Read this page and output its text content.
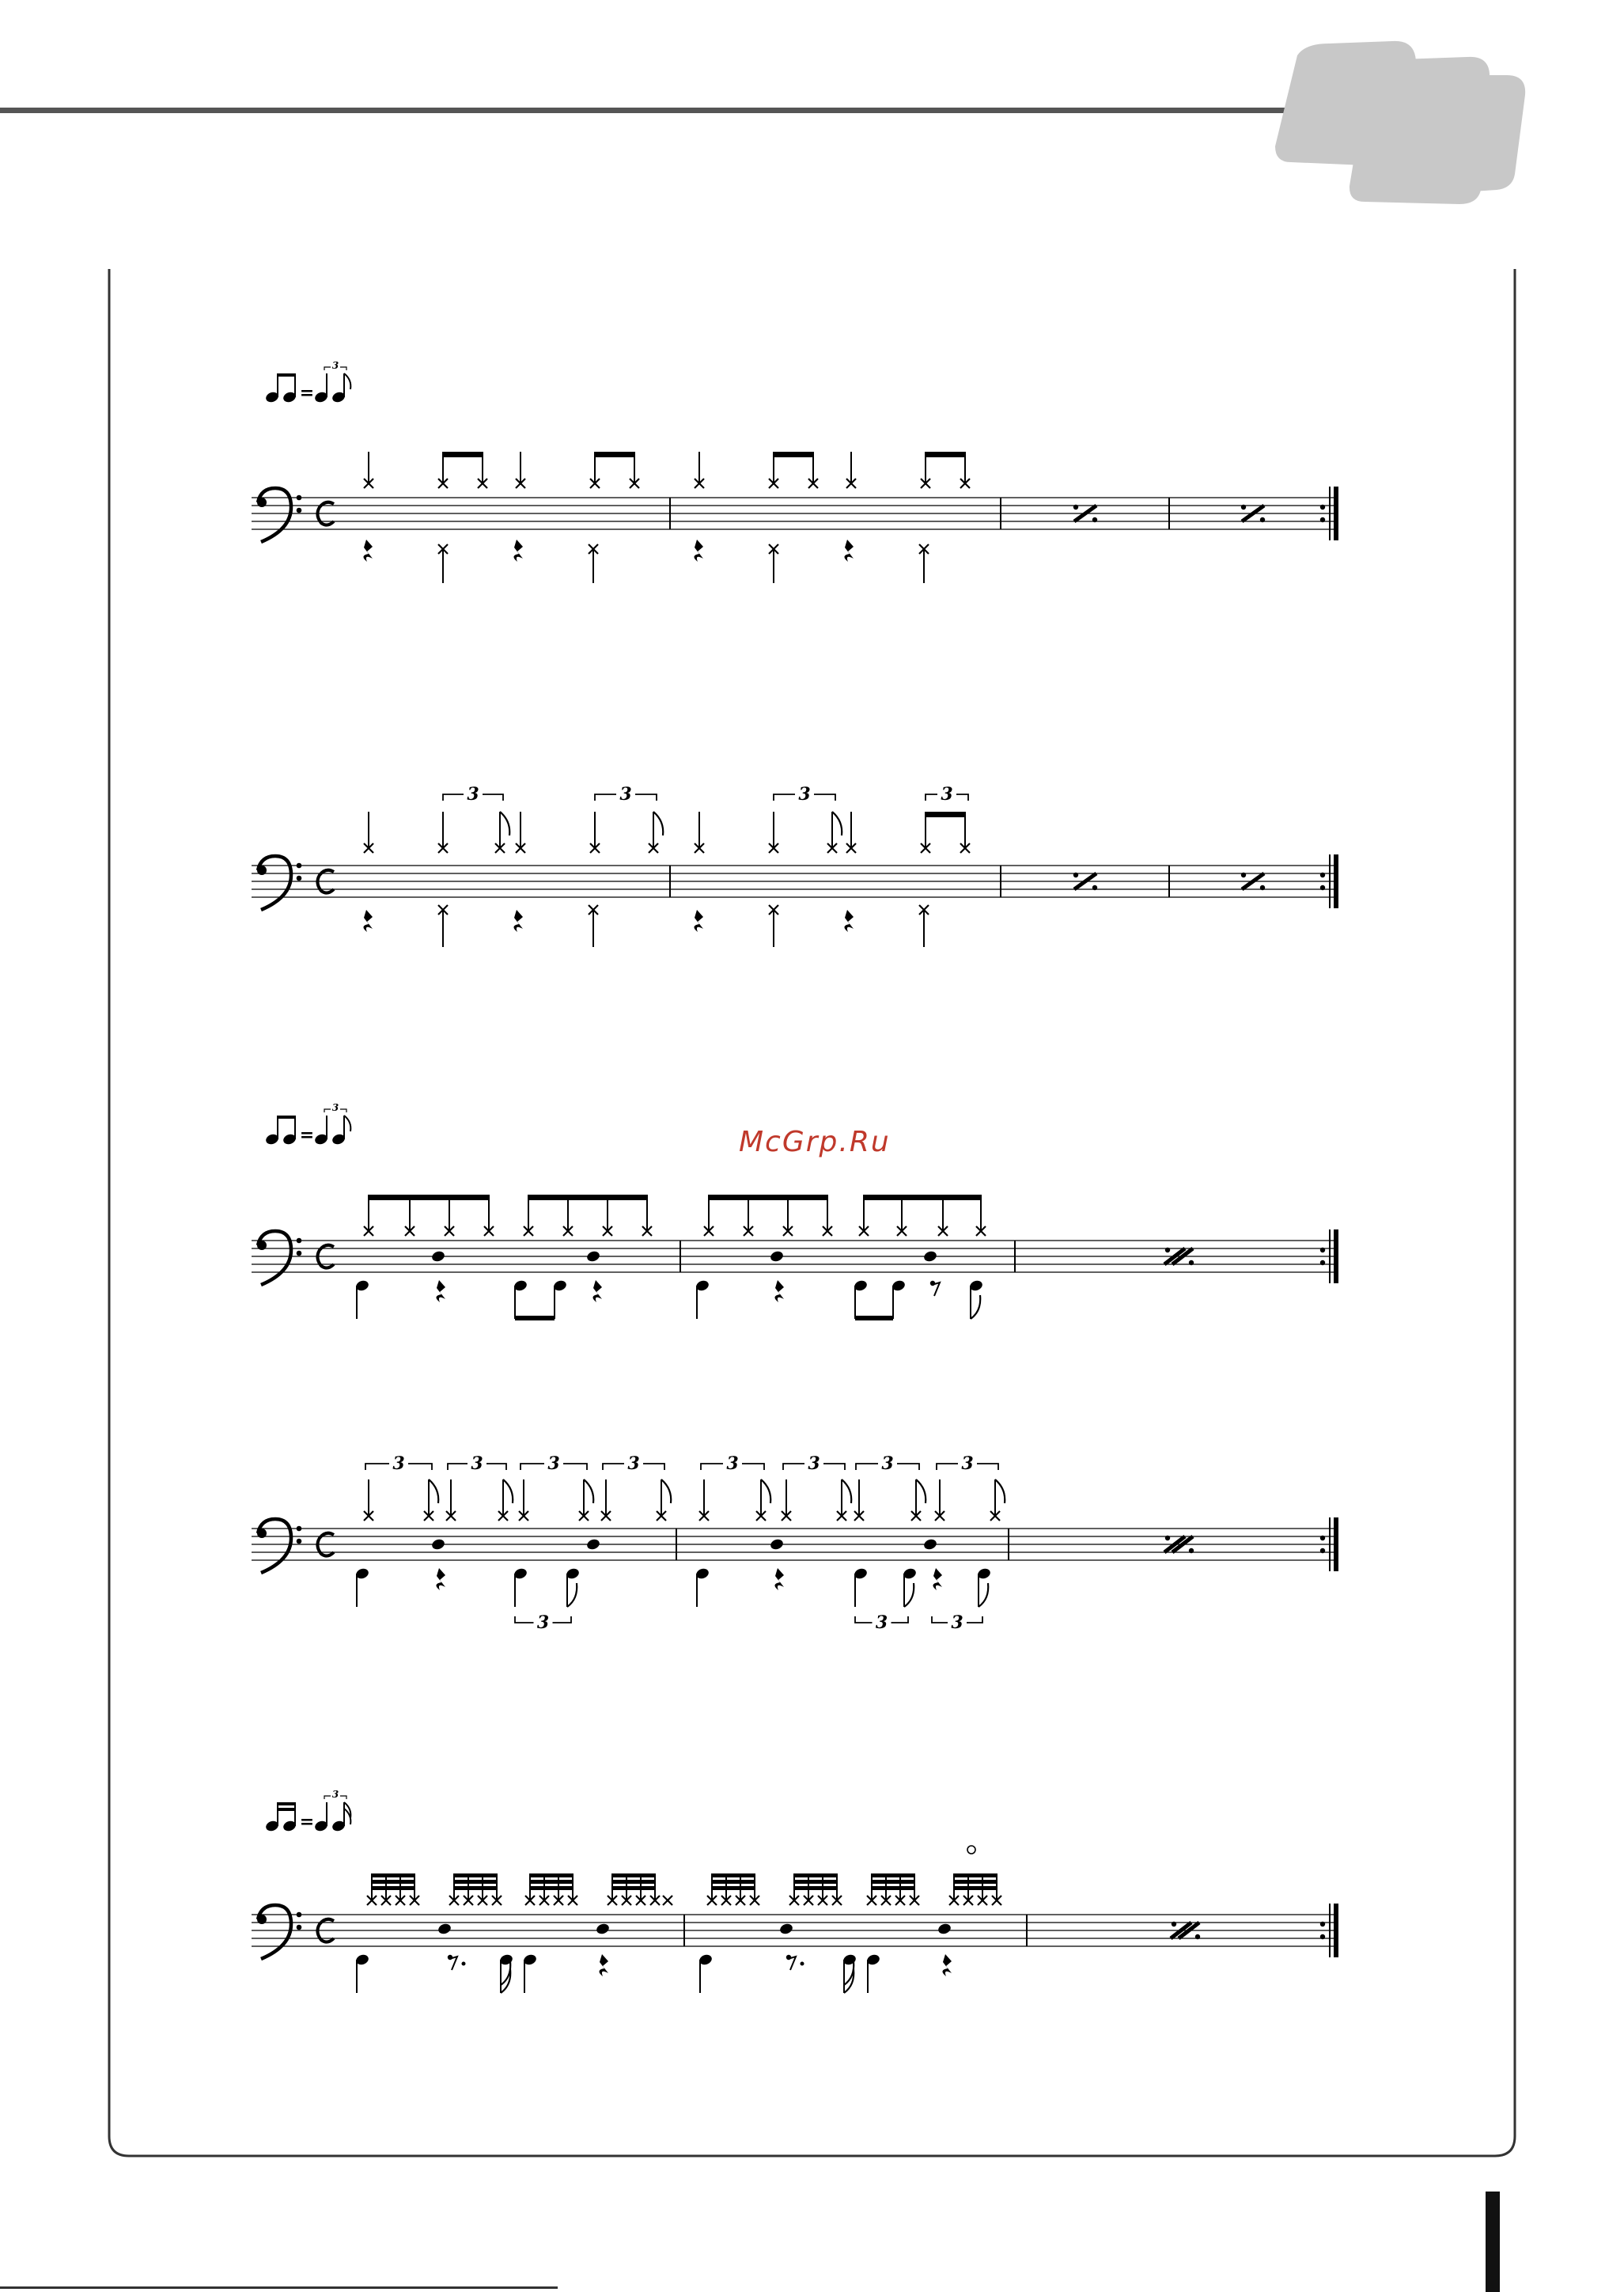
3	3	3	3
3	3	3	3	3	3	3	3
3	3	3
=
3
=
3
=
3
McGrp.Ru
